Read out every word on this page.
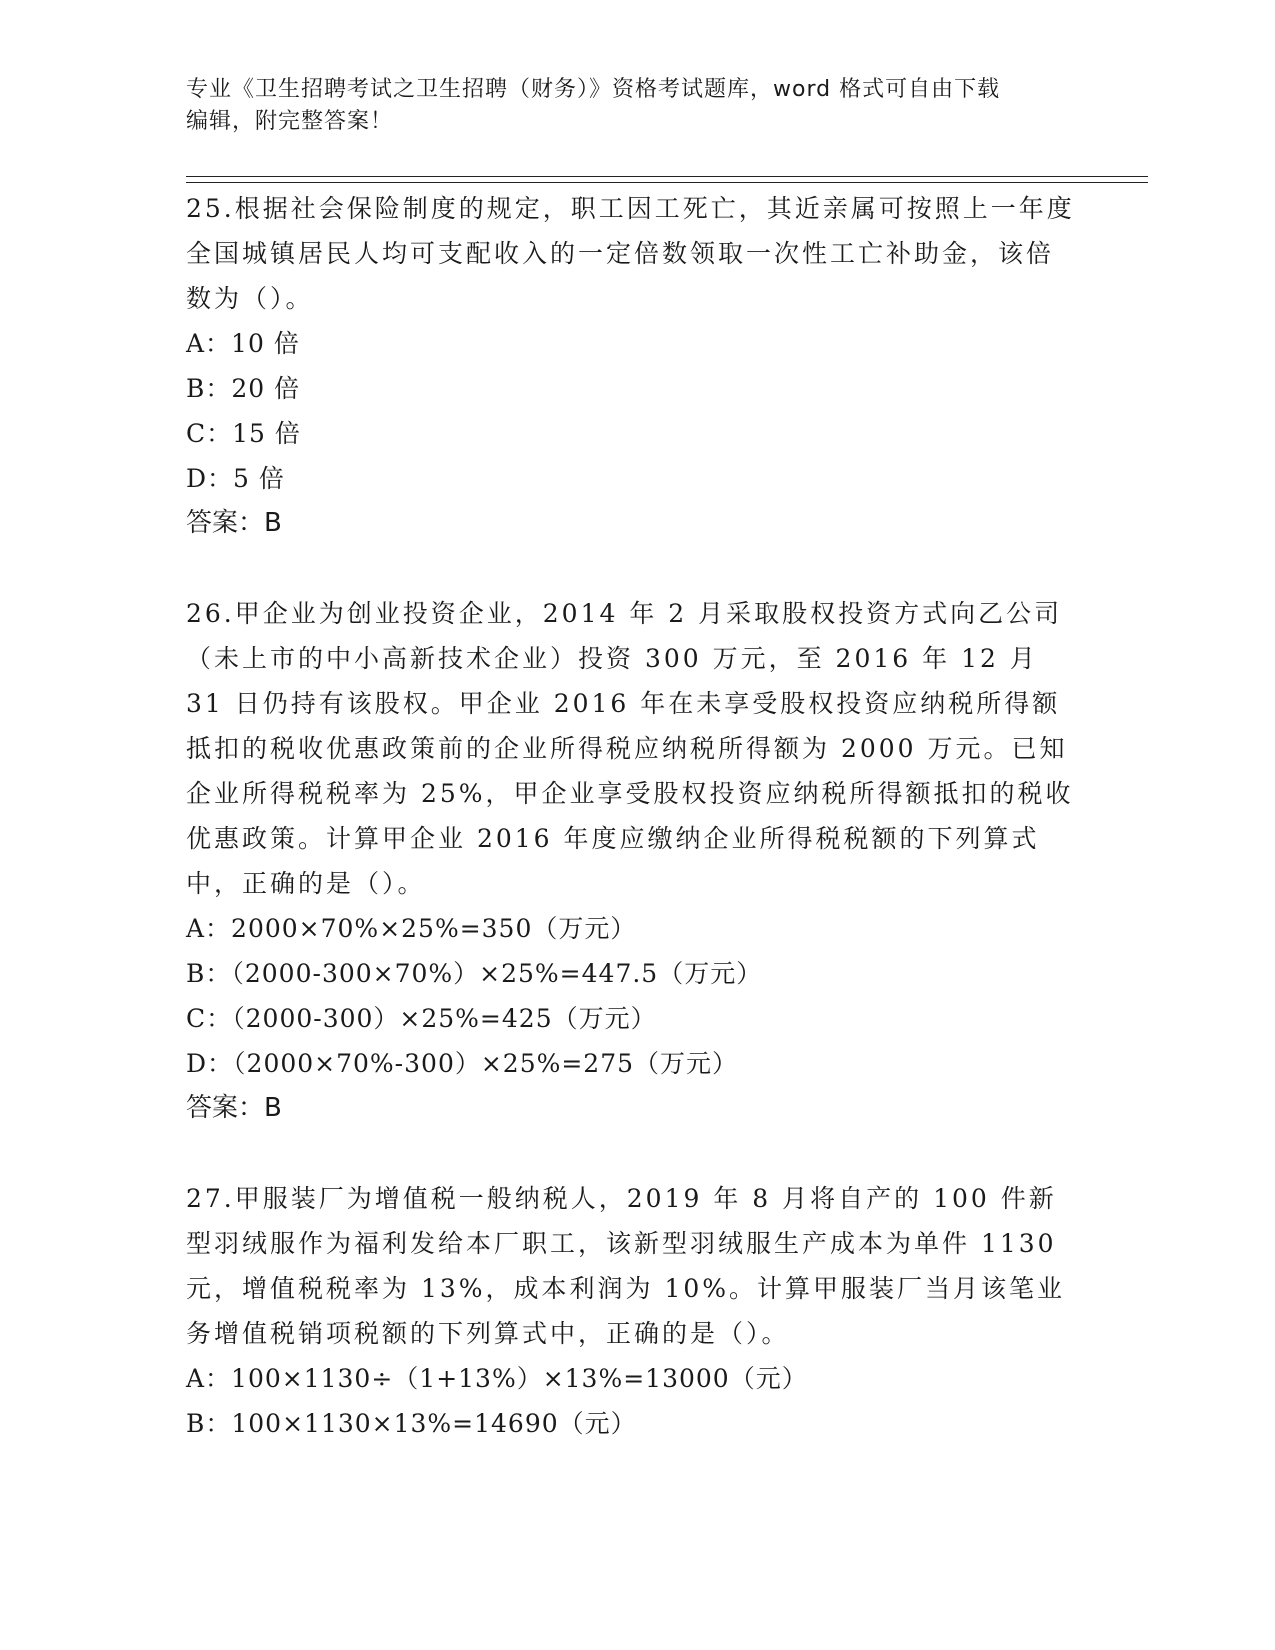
专业《卫生招聘考试之卫生招聘（财务）》资格考试题库，word 格式可自由下载
编辑，附完整答案！

25.根据社会保险制度的规定，职工因工死亡，其近亲属可按照上一年度全国城镇居民人均可支配收入的一定倍数领取一次性工亡补助金，该倍数为（）。

A：10 倍

B：20 倍

C：15 倍

D：5 倍

答案：B

26.甲企业为创业投资企业，2014 年 2 月采取股权投资方式向乙公司（未上市的中小高新技术企业）投资 300 万元，至 2016 年 12 月 31 日仍持有该股权。甲企业 2016 年在未享受股权投资应纳税所得额抵扣的税收优惠政策前的企业所得税应纳税所得额为 2000 万元。已知企业所得税税率为 25%，甲企业享受股权投资应纳税所得额抵扣的税收优惠政策。计算甲企业 2016 年度应缴纳企业所得税税额的下列算式中，正确的是（）。

A：2000×70%×25%=350（万元）

B：（2000-300×70%）×25%=447.5（万元）

C：（2000-300）×25%=425（万元）

D：（2000×70%-300）×25%=275（万元）

答案：B

27.甲服装厂为增值税一般纳税人，2019 年 8 月将自产的 100 件新型羽绒服作为福利发给本厂职工，该新型羽绒服生产成本为单件 1130 元，增值税税率为 13%，成本利润为 10%。计算甲服装厂当月该笔业务增值税销项税额的下列算式中，正确的是（）。

A：100×1130÷（1+13%）×13%=13000（元）

B：100×1130×13%=14690（元）
